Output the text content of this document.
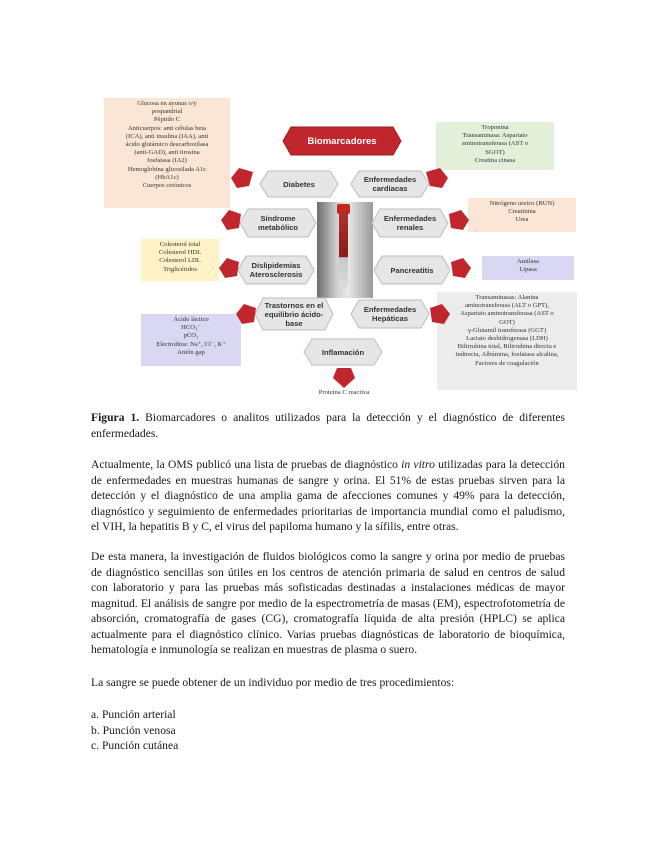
Glucosa en ayunas o/y
pospandrial
Péptido C
Anticuerpos: anti células beta
(ICA), anti insulina (IAA), anti
ácido glutámico descarboxilasa
(anti-GAD), anti tirosina
fosfatasa (IA2)
Hemoglobina glicosilada A1c
(HbA1c)
Cuerpos cetónicos
Troponina
Transaminasa: Aspartato
aminotransferasa (AST o
SGOT)
Creatina cinasa
Nitrógeno ureico (BUN)
Creatinina
Urea
Colesterol total
Colesterol HDL
Colesterol LDL
Triglicéridos
Amilasa
Lipasa
Ácido láctico
HCO₃⁻
pCO₂
Electrolitos: Na⁺, Cl⁻, K⁺
Anión gap
Transaminasas: Alanina
aminotransferasa (ALT o GPT),
Aspartato aminotransferasa (AST o
GOT)
γ-Glutamil transferasa (GGT)
Lactato deshidrogenasa (LDH)
Bilirrubina total, Bilirrubina directa e
indirecta, Albúmina, fosfatasa alcalina,
Factores de coagulación
Biomarcadores
Diabetes	Enfermedades
cardíacas
Síndrome
metabólico
Enfermedades
renales
Dislipidemias
Aterosclerosis	Pancreatitis
Trastornos en el
equilibrio ácido-
base
Enfermedades
Hepáticas
Inflamación
Proteína C reactiva
Figura 1. Biomarcadores o analitos utilizados para la detección y el diagnóstico de diferentes enfermedades.

Actualmente, la OMS publicó una lista de pruebas de diagnóstico in vitro utilizadas para la detección de enfermedades en muestras humanas de sangre y orina. El 51% de estas pruebas sirven para la detección y el diagnóstico de una amplia gama de afecciones comunes y 49% para la detección, diagnóstico y seguimiento de enfermedades prioritarias de importancia mundial como el paludismo, el VIH, la hepatitis B y C, el virus del papiloma humano y la sífilis, entre otras.

De esta manera, la investigación de fluidos biológicos como la sangre y orina por medio de pruebas de diagnóstico sencillas son útiles en los centros de atención primaria de salud en centros de salud con laboratorio y para las pruebas más sofisticadas destinadas a instalaciones médicas de mayor magnitud. El análisis de sangre por medio de la espectrometría de masas (EM), espectrofotometría de absorción, cromatografía de gases (CG), cromatografía líquida de alta presión (HPLC) se aplica actualmente para el diagnóstico clínico. Varias pruebas diagnósticas de laboratorio de bioquímica, hematología e inmunología se realizan en muestras de plasma o suero.

La sangre se puede obtener de un individuo por medio de tres procedimientos:

a. Punción arterial
b. Punción venosa
c. Punción cutánea
